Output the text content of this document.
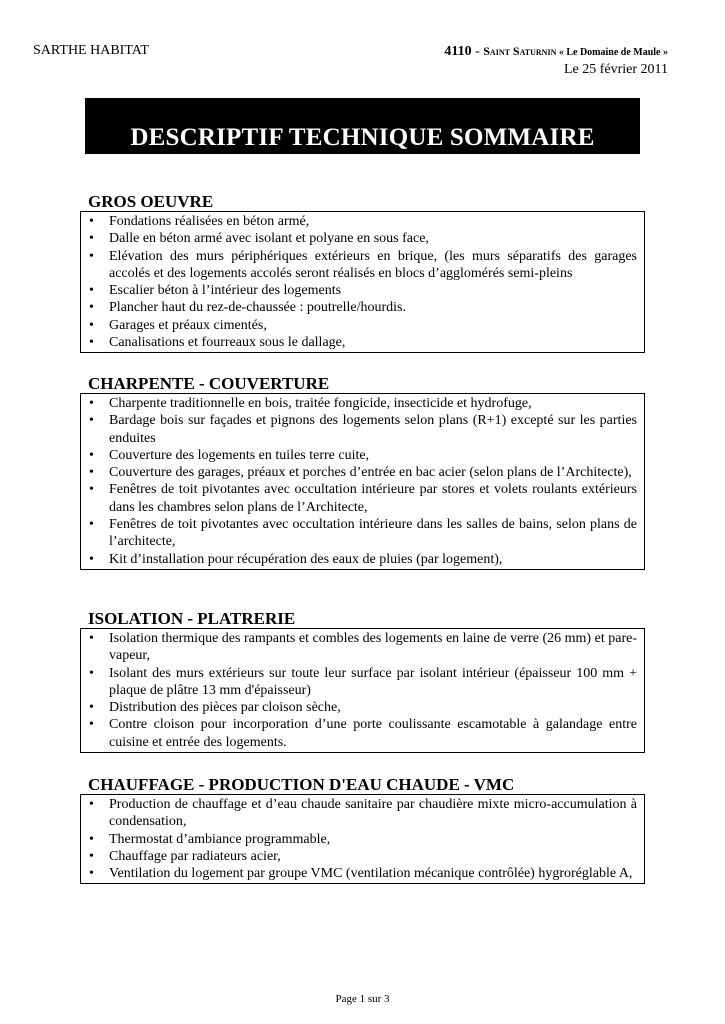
SARTHE HABITAT	4110 - Saint Saturnin « Le Domaine de Maule »
Le 25 février 2011
DESCRIPTIF TECHNIQUE SOMMAIRE
GROS OEUVRE
• Fondations réalisées en béton armé,
• Dalle en béton armé avec isolant et polyane en sous face,
• Elévation des murs périphériques extérieurs en brique, (les murs séparatifs des garages accolés et des logements accolés seront réalisés en blocs d’agglomérés semi-pleins
• Escalier béton à l’intérieur des logements
• Plancher haut du rez-de-chaussée : poutrelle/hourdis.
• Garages et préaux cimentés,
• Canalisations et fourreaux sous le dallage,
CHARPENTE - COUVERTURE
• Charpente traditionnelle en bois, traitée fongicide, insecticide et hydrofuge,
• Bardage bois sur façades et pignons des logements selon plans (R+1) excepté sur les parties enduites
• Couverture des logements en tuiles terre cuite,
• Couverture des garages, préaux et porches d’entrée en bac acier (selon plans de l’Architecte),
• Fenêtres de toit pivotantes avec occultation intérieure par stores et volets roulants extérieurs dans les chambres selon plans de l’Architecte,
• Fenêtres de toit pivotantes avec occultation intérieure dans les salles de bains, selon plans de l’architecte,
• Kit d’installation pour récupération des eaux de pluies (par logement),
ISOLATION - PLATRERIE
• Isolation thermique des rampants et combles des logements en laine de verre (26 mm) et pare-vapeur,
• Isolant des murs extérieurs sur toute leur surface par isolant intérieur (épaisseur 100 mm + plaque de plâtre 13 mm d'épaisseur)
• Distribution des pièces par cloison sèche,
• Contre cloison pour incorporation d’une porte coulissante escamotable à galandage entre cuisine et entrée des logements.
CHAUFFAGE - PRODUCTION D'EAU CHAUDE - VMC
• Production de chauffage et d’eau chaude sanitaire par chaudière mixte micro-accumulation à condensation,
• Thermostat d’ambiance programmable,
• Chauffage par radiateurs acier,
• Ventilation du logement par groupe VMC (ventilation mécanique contrôlée) hygroréglable A,
Page 1 sur 3
